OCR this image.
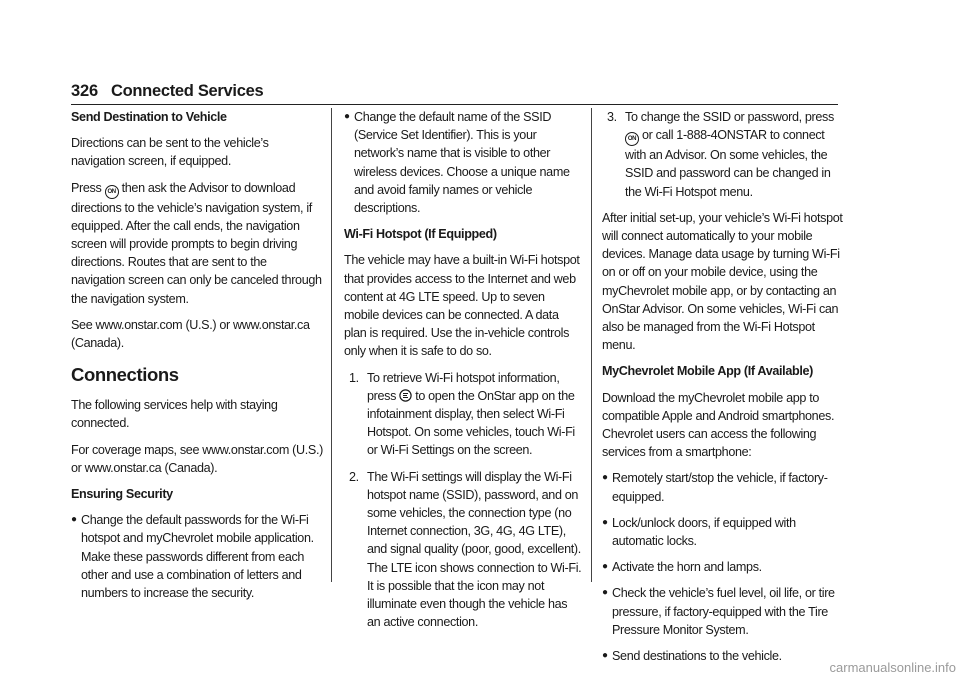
326 Connected Services

Send Destination to Vehicle

Directions can be sent to the vehicle’s navigation screen, if equipped.

Press ON then ask the Advisor to download directions to the vehicle’s navigation system, if equipped. After the call ends, the navigation screen will provide prompts to begin driving directions. Routes that are sent to the navigation screen can only be canceled through the navigation system.

See www.onstar.com (U.S.) or www.onstar.ca (Canada).

Connections

The following services help with staying connected.

For coverage maps, see www.onstar.com (U.S.) or www.onstar.ca (Canada).

Ensuring Security

● Change the default passwords for the Wi-Fi hotspot and myChevrolet mobile application. Make these passwords different from each other and use a combination of letters and numbers to increase the security.
● Change the default name of the SSID (Service Set Identifier). This is your network’s name that is visible to other wireless devices. Choose a unique name and avoid family names or vehicle descriptions.

Wi-Fi Hotspot (If Equipped)

The vehicle may have a built-in Wi-Fi hotspot that provides access to the Internet and web content at 4G LTE speed. Up to seven mobile devices can be connected. A data plan is required. Use the in-vehicle controls only when it is safe to do so.

1. To retrieve Wi-Fi hotspot information, press to open the OnStar app on the infotainment display, then select Wi-Fi Hotspot. On some vehicles, touch Wi-Fi or Wi-Fi Settings on the screen.
2. The Wi-Fi settings will display the Wi-Fi hotspot name (SSID), password, and on some vehicles, the connection type (no Internet connection, 3G, 4G, 4G LTE), and signal quality (poor, good, excellent). The LTE icon shows connection to Wi-Fi. It is possible that the icon may not illuminate even though the vehicle has an active connection.
3. To change the SSID or password, press ON or call 1-888-4ONSTAR to connect with an Advisor. On some vehicles, the SSID and password can be changed in the Wi-Fi Hotspot menu.

After initial set-up, your vehicle’s Wi-Fi hotspot will connect automatically to your mobile devices. Manage data usage by turning Wi-Fi on or off on your mobile device, using the myChevrolet mobile app, or by contacting an OnStar Advisor. On some vehicles, Wi-Fi can also be managed from the Wi-Fi Hotspot menu.

MyChevrolet Mobile App (If Available)

Download the myChevrolet mobile app to compatible Apple and Android smartphones. Chevrolet users can access the following services from a smartphone:

● Remotely start/stop the vehicle, if factory-equipped.
● Lock/unlock doors, if equipped with automatic locks.
● Activate the horn and lamps.
● Check the vehicle’s fuel level, oil life, or tire pressure, if factory-equipped with the Tire Pressure Monitor System.
● Send destinations to the vehicle.
carmanualsonline.info
